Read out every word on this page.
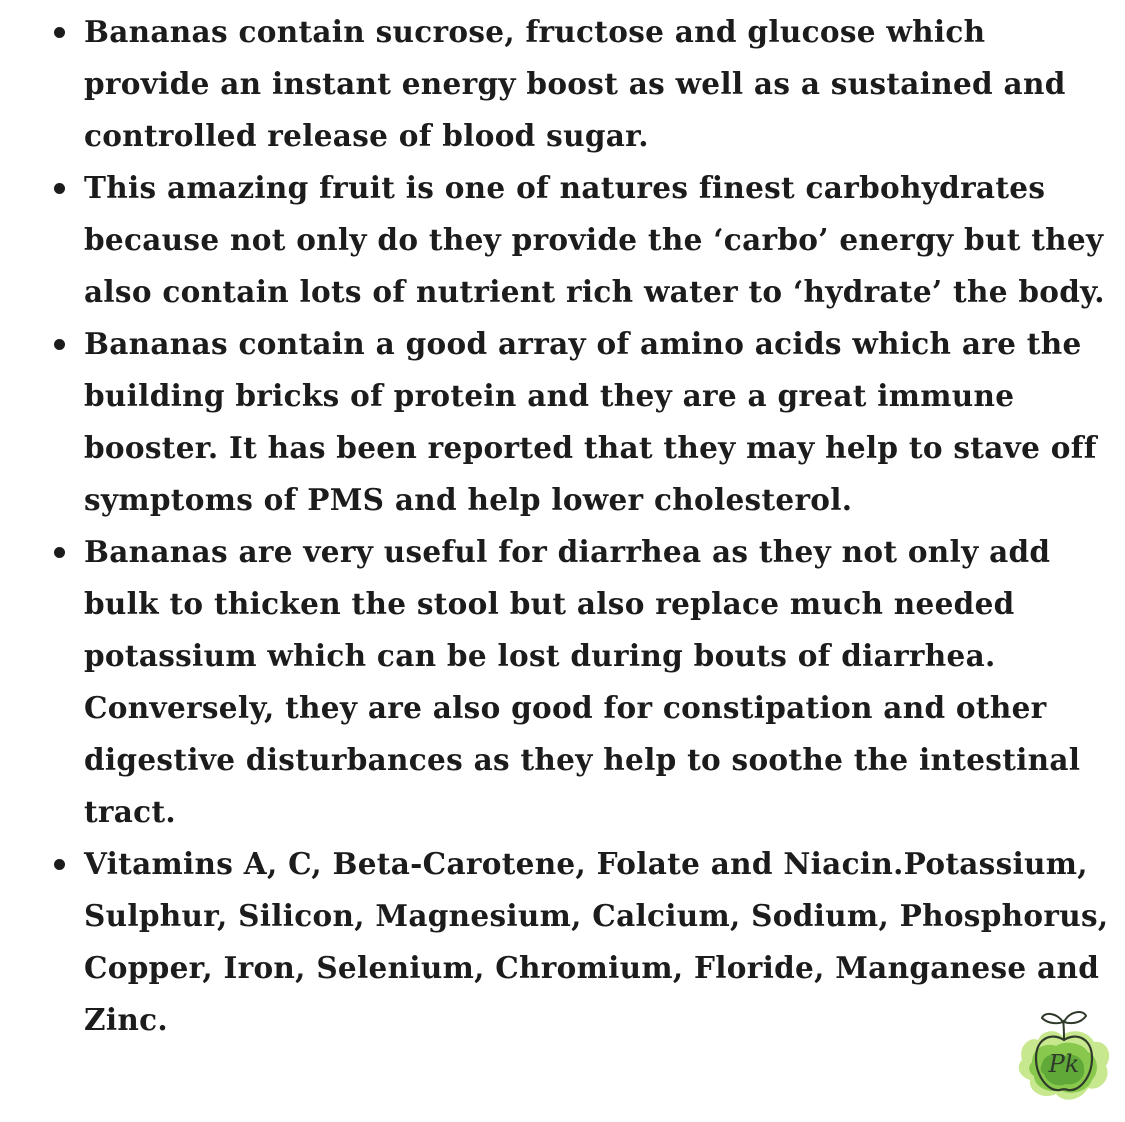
Bananas contain sucrose, fructose and glucose which provide an instant energy boost as well as a sustained and controlled release of blood sugar.
This amazing fruit is one of natures finest carbohydrates because not only do they provide the ‘carbo’ energy but they also contain lots of nutrient rich water to ‘hydrate’ the body.
Bananas contain a good array of amino acids which are the building bricks of protein and they are a great immune booster. It has been reported that they may help to stave off symptoms of PMS and help lower cholesterol.
Bananas are very useful for diarrhea as they not only add bulk to thicken the stool but also replace much needed potassium which can be lost during bouts of diarrhea. Conversely, they are also good for constipation and other digestive disturbances as they help to soothe the intestinal tract.
Vitamins A, C, Beta-Carotene, Folate and Niacin.Potassium, Sulphur, Silicon, Magnesium, Calcium, Sodium, Phosphorus, Copper, Iron, Selenium, Chromium, Floride, Manganese and Zinc.
Pk
